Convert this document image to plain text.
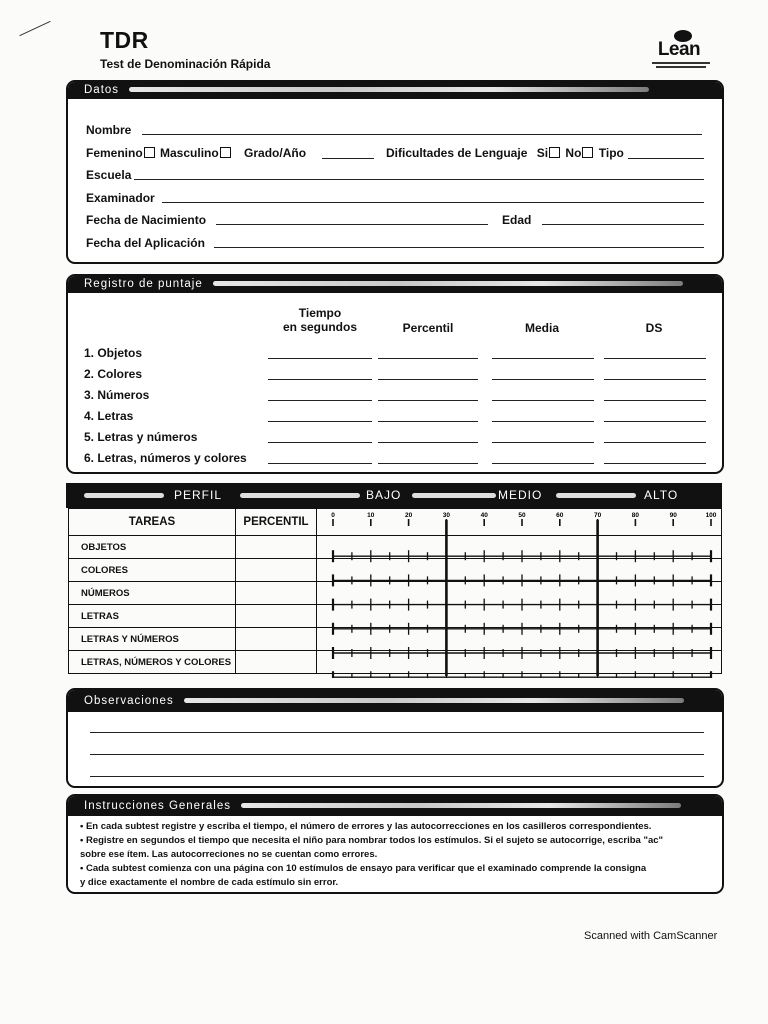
TDR
Test de Denominación Rápida
Lean
Datos
Nombre
Femenino Masculino Grado/Año	Dificultades de Lenguaje Si No Tipo
Escuela
Examinador
Fecha de Nacimiento	Edad
Fecha del Aplicación
Registro de puntaje
Tiempo
en segundos	Percentil	Media	DS
1. Objetos
2. Colores
3. Números
4. Letras
5. Letras y números
6. Letras, números y colores
PERFIL	BAJO	MEDIO	ALTO
TAREAS	PERCENTIL	
OBJETOS		
COLORES		
NÚMEROS		
LETRAS		
LETRAS Y NÚMEROS		
LETRAS, NÚMEROS Y COLORES		
0	10	20	30	40	50	60	70	80	90	100
Observaciones
Instrucciones Generales
• En cada subtest registre y escriba el tiempo, el número de errores y las autocorrecciones en los casilleros correspondientes.
• Registre en segundos el tiempo que necesita el niño para nombrar todos los estímulos. Si el sujeto se autocorrige, escriba "ac"
sobre ese ítem. Las autocorreciones no se cuentan como errores.
• Cada subtest comienza con una página con 10 estímulos de ensayo para verificar que el examinado comprende la consigna
y dice exactamente el nombre de cada estímulo sin error.
Scanned with CamScanner
